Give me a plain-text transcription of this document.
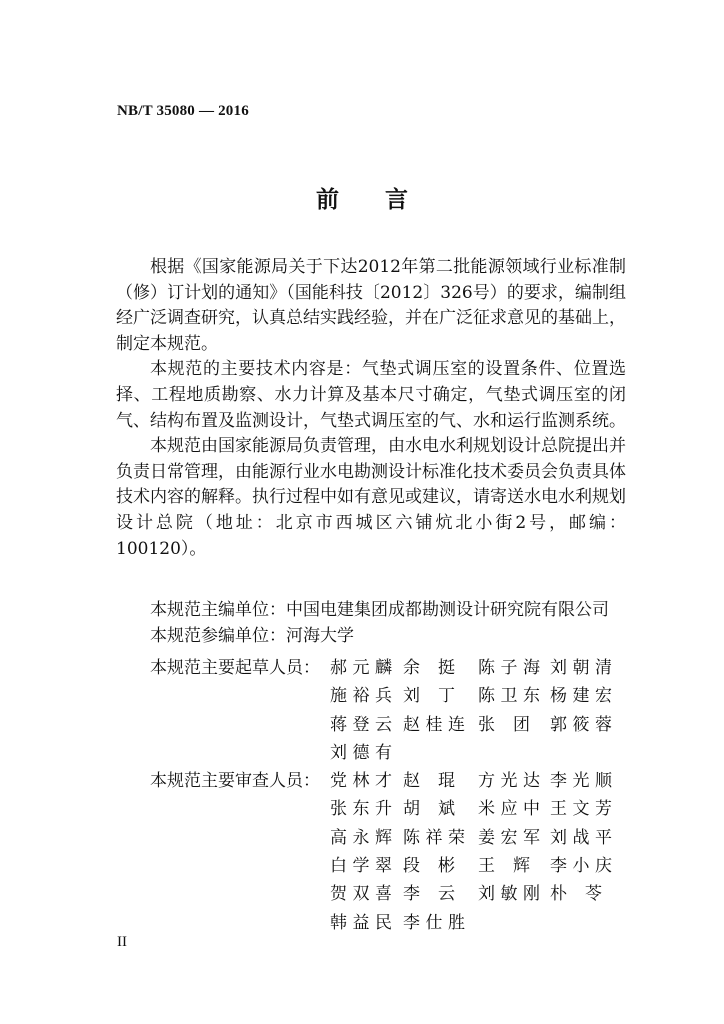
NB/T 35080 — 2016
前言

根据《国家能源局关于下达2012年第二批能源领域行业标准制（修）订计划的通知》（国能科技〔2012〕326号）的要求，编制组经广泛调查研究，认真总结实践经验，并在广泛征求意见的基础上，制定本规范。

本规范的主要技术内容是：气垫式调压室的设置条件、位置选择、工程地质勘察、水力计算及基本尺寸确定，气垫式调压室的闭气、结构布置及监测设计，气垫式调压室的气、水和运行监测系统。

本规范由国家能源局负责管理，由水电水利规划设计总院提出并负责日常管理，由能源行业水电勘测设计标准化技术委员会负责具体技术内容的解释。执行过程中如有意见或建议，请寄送水电水利规划设计总院（地址：北京市西城区六铺炕北小街2号，邮编：100120）。

本规范主编单位：中国电建集团成都勘测设计研究院有限公司
本规范参编单位：河海大学
本规范主要起草人员： 郝元麟 余挺 陈子海 刘朝清
施裕兵 刘丁 陈卫东 杨建宏
蒋登云 赵桂连 张团 郭筱蓉
刘德有
本规范主要审查人员： 党林才 赵琨 方光达 李光顺
张东升 胡斌 米应中 王文芳
高永辉 陈祥荣 姜宏军 刘战平
白学翠 段彬 王辉 李小庆
贺双喜 李云 刘敏刚 朴苓
韩益民 李仕胜
II
